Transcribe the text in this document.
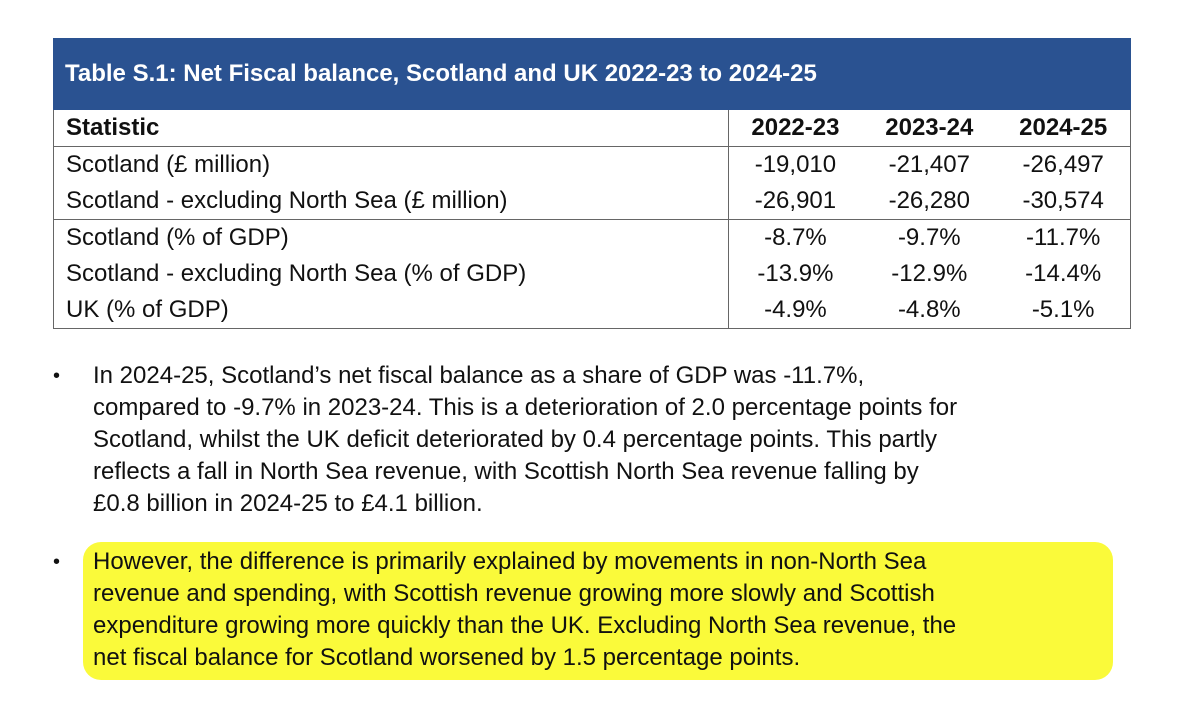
Table S.1: Net Fiscal balance, Scotland and UK 2022-23 to 2024-25
Statistic	2022-23	2023-24	2024-25
Scotland (£ million)	-19,010	-21,407	-26,497
Scotland - excluding North Sea (£ million)	-26,901	-26,280	-30,574
Scotland (% of GDP)	-8.7%	-9.7%	-11.7%
Scotland - excluding North Sea (% of GDP)	-13.9%	-12.9%	-14.4%
UK (% of GDP)	-4.9%	-4.8%	-5.1%
•	In 2024-25, Scotland’s net fiscal balance as a share of GDP was -11.7%,
compared to -9.7% in 2023-24. This is a deterioration of 2.0 percentage points for
Scotland, whilst the UK deficit deteriorated by 0.4 percentage points. This partly
reflects a fall in North Sea revenue, with Scottish North Sea revenue falling by
£0.8 billion in 2024-25 to £4.1 billion.
•	However, the difference is primarily explained by movements in non-North Sea
revenue and spending, with Scottish revenue growing more slowly and Scottish
expenditure growing more quickly than the UK. Excluding North Sea revenue, the
net fiscal balance for Scotland worsened by 1.5 percentage points.
